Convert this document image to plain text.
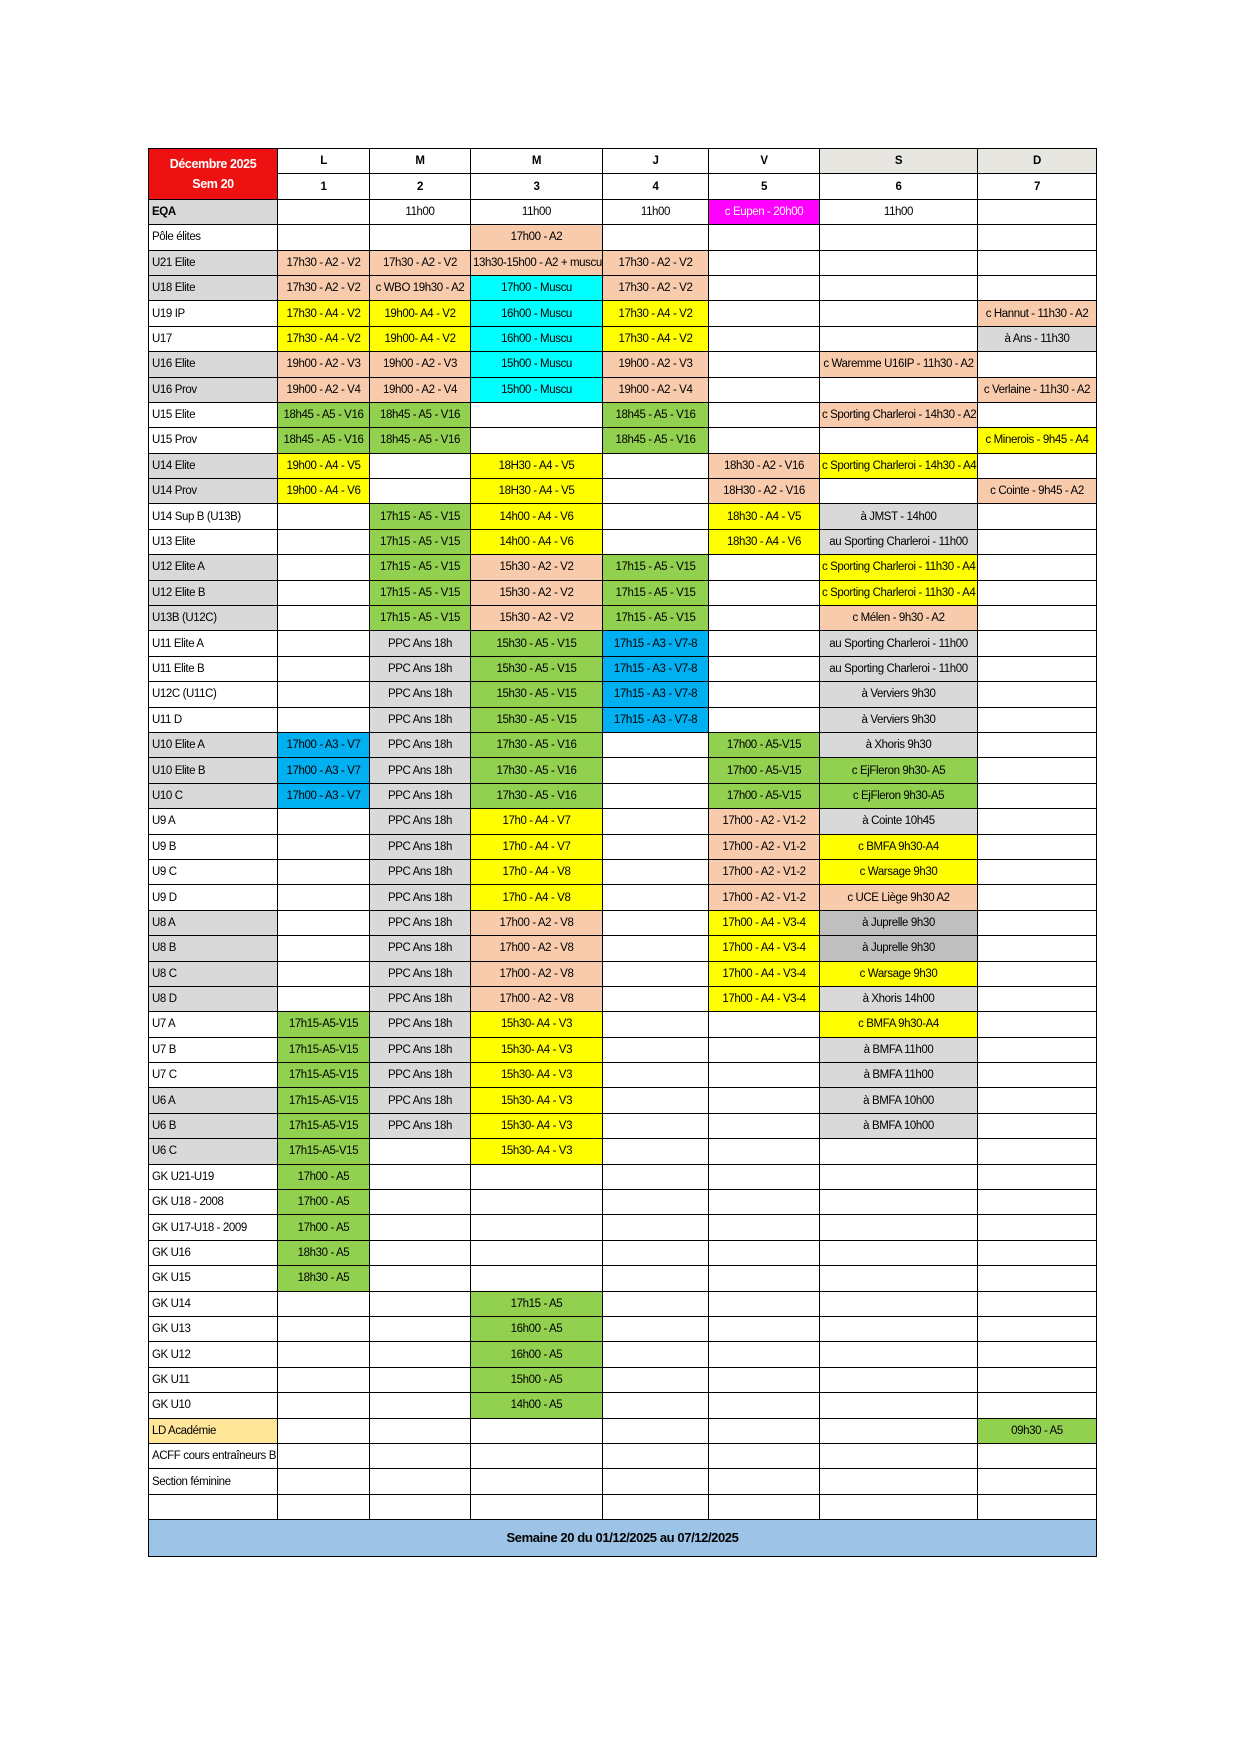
Décembre 2025
Sem 20	L	M	M	J	V	S	D
	1	2	3	4	5	6	7
EQA		11h00	11h00	11h00	c Eupen - 20h00	11h00	
Pôle élites			17h00 - A2				
U21 Elite	17h30 - A2 - V2	17h30 - A2 - V2	13h30-15h00 - A2 + muscu	17h30 - A2 - V2			
U18 Elite	17h30 - A2 - V2	c WBO 19h30 - A2	17h00 - Muscu	17h30 - A2 - V2			
U19 IP	17h30 - A4 - V2	19h00- A4 - V2	16h00 - Muscu	17h30 - A4 - V2			c Hannut - 11h30 - A2
U17	17h30 - A4 - V2	19h00- A4 - V2	16h00 - Muscu	17h30 - A4 - V2			à Ans - 11h30
U16 Elite	19h00 - A2 - V3	19h00 - A2 - V3	15h00 - Muscu	19h00 - A2 - V3		c Waremme U16IP - 11h30 - A2	
U16 Prov	19h00 - A2 - V4	19h00 - A2 - V4	15h00 - Muscu	19h00 - A2 - V4			c Verlaine - 11h30 - A2
U15 Elite	18h45 - A5 - V16	18h45 - A5 - V16		18h45 - A5 - V16		c Sporting Charleroi - 14h30 - A2	
U15 Prov	18h45 - A5 - V16	18h45 - A5 - V16		18h45 - A5 - V16			c Minerois - 9h45 - A4
U14 Elite	19h00 - A4 - V5		18H30 - A4 - V5		18h30 - A2 - V16	c Sporting Charleroi - 14h30 - A4	
U14 Prov	19h00 - A4 - V6		18H30 - A4 - V5		18H30 - A2 - V16		c Cointe - 9h45 - A2
U14 Sup B (U13B)		17h15 - A5 - V15	14h00 - A4 - V6		18h30 - A4 - V5	à JMST - 14h00	
U13 Elite		17h15 - A5 - V15	14h00 - A4 - V6		18h30 - A4 - V6	au Sporting Charleroi - 11h00	
U12 Elite A		17h15 - A5 - V15	15h30 - A2 - V2	17h15 - A5 - V15		c Sporting Charleroi - 11h30 - A4	
U12 Elite B		17h15 - A5 - V15	15h30 - A2 - V2	17h15 - A5 - V15		c Sporting Charleroi - 11h30 - A4	
U13B (U12C)		17h15 - A5 - V15	15h30 - A2 - V2	17h15 - A5 - V15		c Mélen - 9h30 - A2	
U11 Elite A		PPC Ans 18h	15h30 - A5 - V15	17h15 - A3 - V7-8		au Sporting Charleroi - 11h00	
U11 Elite B		PPC Ans 18h	15h30 - A5 - V15	17h15 - A3 - V7-8		au Sporting Charleroi - 11h00	
U12C (U11C)		PPC Ans 18h	15h30 - A5 - V15	17h15 - A3 - V7-8		à Verviers 9h30	
U11 D		PPC Ans 18h	15h30 - A5 - V15	17h15 - A3 - V7-8		à Verviers 9h30	
U10 Elite A	17h00 - A3 - V7	PPC Ans 18h	17h30 - A5 - V16		17h00 - A5-V15	à Xhoris 9h30	
U10 Elite B	17h00 - A3 - V7	PPC Ans 18h	17h30 - A5 - V16		17h00 - A5-V15	c EjFleron 9h30- A5	
U10 C	17h00 - A3 - V7	PPC Ans 18h	17h30 - A5 - V16		17h00 - A5-V15	c EjFleron 9h30-A5	
U9 A		PPC Ans 18h	17h0 - A4 - V7		17h00 - A2 - V1-2	à Cointe 10h45	
U9 B		PPC Ans 18h	17h0 - A4 - V7		17h00 - A2 - V1-2	c BMFA 9h30-A4	
U9 C		PPC Ans 18h	17h0 - A4 - V8		17h00 - A2 - V1-2	c Warsage 9h30	
U9 D		PPC Ans 18h	17h0 - A4 - V8		17h00 - A2 - V1-2	c UCE Liège 9h30 A2	
U8 A		PPC Ans 18h	17h00 - A2 - V8		17h00 - A4 - V3-4	à Juprelle 9h30	
U8 B		PPC Ans 18h	17h00 - A2 - V8		17h00 - A4 - V3-4	à Juprelle 9h30	
U8 C		PPC Ans 18h	17h00 - A2 - V8		17h00 - A4 - V3-4	c Warsage 9h30	
U8 D		PPC Ans 18h	17h00 - A2 - V8		17h00 - A4 - V3-4	à Xhoris 14h00	
U7 A	17h15-A5-V15	PPC Ans 18h	15h30- A4 - V3			c BMFA 9h30-A4	
U7 B	17h15-A5-V15	PPC Ans 18h	15h30- A4 - V3			à BMFA 11h00	
U7 C	17h15-A5-V15	PPC Ans 18h	15h30- A4 - V3			à BMFA 11h00	
U6 A	17h15-A5-V15	PPC Ans 18h	15h30- A4 - V3			à BMFA 10h00	
U6 B	17h15-A5-V15	PPC Ans 18h	15h30- A4 - V3			à BMFA 10h00	
U6 C	17h15-A5-V15		15h30- A4 - V3				
GK U21-U19	17h00 - A5						
GK U18 - 2008	17h00 - A5						
GK U17-U18 - 2009	17h00 - A5						
GK U16	18h30 - A5						
GK U15	18h30 - A5						
GK U14			17h15 - A5				
GK U13			16h00 - A5				
GK U12			16h00 - A5				
GK U11			15h00 - A5				
GK U10			14h00 - A5				
LD Académie							09h30 - A5
ACFF cours entraîneurs B							
Section féminine							

Semaine 20 du 01/12/2025 au 07/12/2025							
